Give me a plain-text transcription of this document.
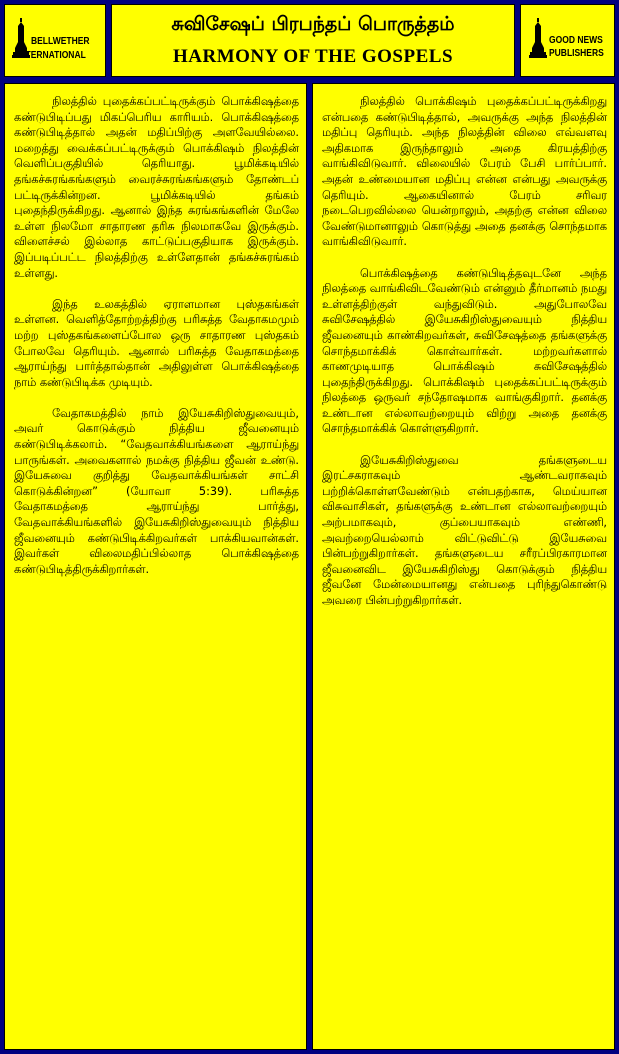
BELLWETHER
INTERNATIONAL
சுவிசேஷப் பிரபந்தப் பொருத்தம்
HARMONY OF THE GOSPELS
GOOD NEWS
PUBLISHERS

நிலத்தில் புதைக்கப்பட்டிருக்கும் பொக்கிஷத்தை கண்டுபிடிப்பது மிகப்பெரிய காரியம். பொக்கிஷத்தை கண்டுபிடித்தால் அதன் மதிப்பிற்கு அளவேயில்லை. மறைத்து வைக்கப்பட்டிருக்கும் பொக்கிஷம் நிலத்தின் வெளிப்பகுதியில் தெரியாது. பூமிக்கடியில் தங்கச்சுரங்கங்களும் வைரச்சுரங்கங்களும் தோண்டப் பட்டிருக்கின்றன. பூமிக்கடியில் தங்கம் புதைந்திருக்கிறது. ஆனால் இந்த சுரங்கங்களின் மேலே உள்ள நிலமோ சாதாரண தரிசு நிலமாகவே இருக்கும். விளைச்சல் இல்லாத காட்டுப்பகுதியாக இருக்கும். இப்படிப்பட்ட நிலத்திற்கு உள்ளேதான் தங்கச்சுரங்கம் உள்ளது.

இந்த உலகத்தில் ஏராளமான புஸ்தகங்கள் உள்ளன. வெளித்தோற்றத்திற்கு பரிசுத்த வேதாகமமும் மற்ற புஸ்தகங்களைப்போல ஒரு சாதாரண புஸ்தகம் போலவே தெரியும். ஆனால் பரிசுத்த வேதாகமத்தை ஆராய்ந்து பார்த்தால்தான் அதிலுள்ள பொக்கிஷத்தை நாம் கண்டுபிடிக்க முடியும்.

வேதாகமத்தில் நாம் இயேசுகிறிஸ்துவையும், அவர் கொடுக்கும் நித்திய ஜீவனையும் கண்டுபிடிக்கலாம். “வேதவாக்கியங்களை ஆராய்ந்து பாருங்கள். அவைகளால் நமக்கு நித்திய ஜீவன் உண்டு. இயேசுவை குறித்து வேதவாக்கியங்கள் சாட்சி கொடுக்கின்றன” (யோவா 5:39). பரிசுத்த வேதாகமத்தை ஆராய்ந்து பார்த்து, வேதவாக்கியங்களில் இயேசுகிறிஸ்துவையும் நித்திய ஜீவனையும் கண்டுபிடிக்கிறவர்கள் பாக்கியவான்கள். இவர்கள் விலைமதிப்பில்லாத பொக்கிஷத்தை கண்டுபிடித்திருக்கிறார்கள்.

நிலத்தில் பொக்கிஷம் புதைக்கப்பட்டிருக்கிறது என்பதை கண்டுபிடித்தால், அவருக்கு அந்த நிலத்தின் மதிப்பு தெரியும். அந்த நிலத்தின் விலை எவ்வளவு அதிகமாக இருந்தாலும் அதை கிரயத்திற்கு வாங்கிவிடுவார். விலையில் பேரம் பேசி பார்ப்பார். அதன் உண்மையான மதிப்பு என்ன என்பது அவருக்கு தெரியும். ஆகையினால் பேரம் சரிவர நடைபெறவில்லை யென்றாலும், அதற்கு என்ன விலை வேண்டுமானாலும் கொடுத்து அதை தனக்கு சொந்தமாக வாங்கிவிடுவார்.

பொக்கிஷத்தை கண்டுபிடித்தவுடனே அந்த நிலத்தை வாங்கிவிடவேண்டும் என்னும் தீர்மானம் நமது உள்ளத்திற்குள் வந்துவிடும். அதுபோலவே சுவிசேஷத்தில் இயேசுகிறிஸ்துவையும் நித்திய ஜீவனையும் காண்கிறவர்கள், சுவிசேஷத்தை தங்களுக்கு சொந்தமாக்கிக் கொள்வார்கள். மற்றவர்களால் காணமுடியாத பொக்கிஷம் சுவிசேஷத்தில் புதைந்திருக்கிறது. பொக்கிஷம் புதைக்கப்பட்டிருக்கும் நிலத்தை ஒருவர் சந்தோஷமாக வாங்குகிறார். தனக்கு உண்டான எல்லாவற்றையும் விற்று அதை தனக்கு சொந்தமாக்கிக் கொள்ளுகிறார்.

இயேசுகிறிஸ்துவை தங்களுடைய இரட்சகராகவும் ஆண்டவராகவும் பற்றிக்கொள்ளவேண்டும் என்பதற்காக, மெய்யான விசுவாசிகள், தங்களுக்கு உண்டான எல்லாவற்றையும் அற்பமாகவும், குப்பையாகவும் எண்ணி, அவற்றையெல்லாம் விட்டுவிட்டு இயேசுவை பின்பற்றுகிறார்கள். தங்களுடைய சரீரப்பிரகாரமான ஜீவனைவிட இயேசுகிறிஸ்து கொடுக்கும் நித்திய ஜீவனே மேன்மையானது என்பதை புரிந்துகொண்டு அவரை பின்பற்றுகிறார்கள்.
